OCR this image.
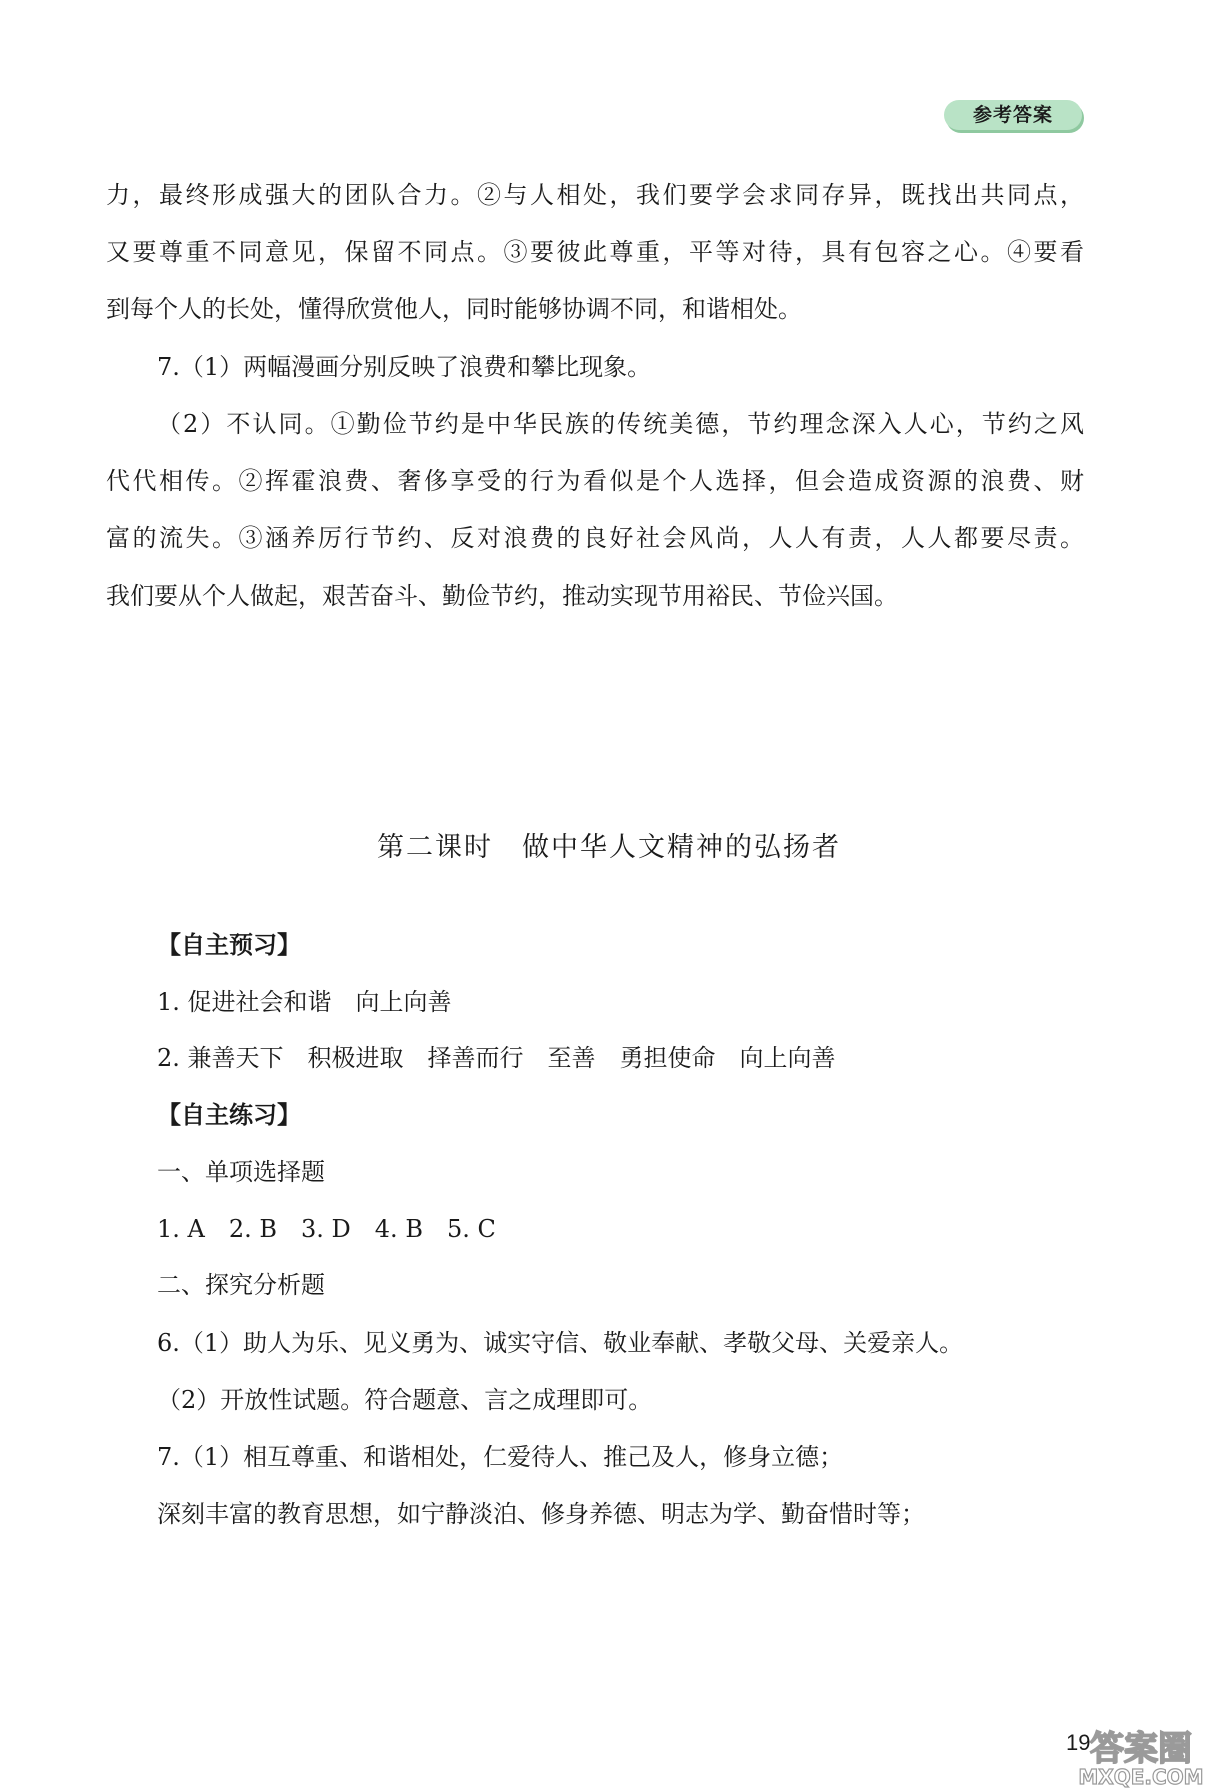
参考答案
力，最终形成强大的团队合力。②与人相处，我们要学会求同存异，既找出共同点，
又要尊重不同意见，保留不同点。③要彼此尊重，平等对待，具有包容之心。④要看
到每个人的长处，懂得欣赏他人，同时能够协调不同，和谐相处。
7.（1）两幅漫画分别反映了浪费和攀比现象。
（2）不认同。①勤俭节约是中华民族的传统美德，节约理念深入人心，节约之风
代代相传。②挥霍浪费、奢侈享受的行为看似是个人选择，但会造成资源的浪费、财
富的流失。③涵养厉行节约、反对浪费的良好社会风尚，人人有责，人人都要尽责。
我们要从个人做起，艰苦奋斗、勤俭节约，推动实现节用裕民、节俭兴国。
第二课时　做中华人文精神的弘扬者
【自主预习】
1. 促进社会和谐　向上向善
2. 兼善天下　积极进取　择善而行　至善　勇担使命　向上向善
【自主练习】
一、单项选择题
1. A　2. B　3. D　4. B　5. C
二、探究分析题
6.（1）助人为乐、见义勇为、诚实守信、敬业奉献、孝敬父母、关爱亲人。
（2）开放性试题。符合题意、言之成理即可。
7.（1）相互尊重、和谐相处，仁爱待人、推己及人，修身立德；
深刻丰富的教育思想，如宁静淡泊、修身养德、明志为学、勤奋惜时等；
19 答案圈
MXQE.COM
